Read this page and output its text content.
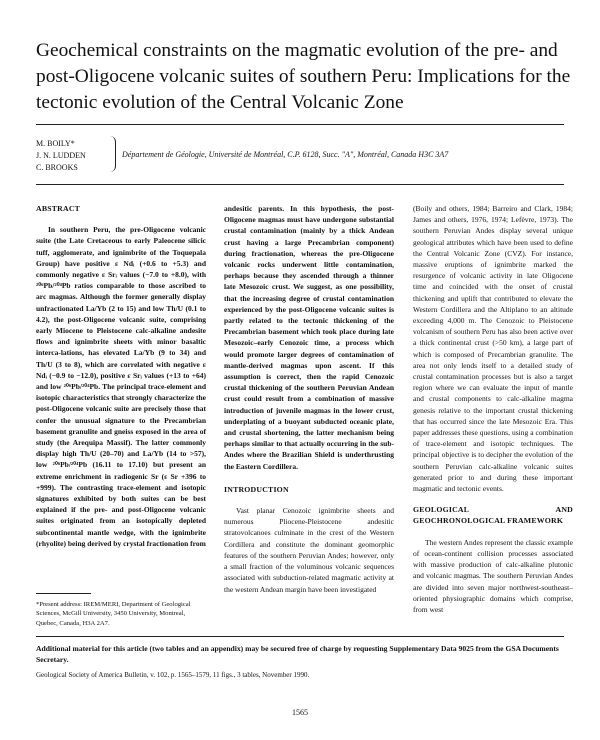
Geochemical constraints on the magmatic evolution of the pre- and post-Oligocene volcanic suites of southern Peru: Implications for the tectonic evolution of the Central Volcanic Zone
M. BOILY*
J. N. LUDDEN
C. BROOKS
Département de Géologie, Université de Montréal, C.P. 6128, Succ. "A", Montréal, Canada H3C 3A7

ABSTRACT

In southern Peru, the pre-Oligocene volcanic suite (the Late Cretaceous to early Paleocene silicic tuff, agglomerate, and ignimbrite of the Toquepala Group) have positive ε Ndᵢ (+0.6 to +5.3) and commonly negative ε Srᵢ values (−7.0 to +8.0), with ²⁰⁶Pb/²⁰⁴Pb ratios comparable to those ascribed to arc magmas. Although the former generally display unfractionated La/Yb (2 to 15) and low Th/U (0.1 to 4.2), the post-Oligocene volcanic suite, comprising early Miocene to Pleistocene calc-alkaline andesite flows and ignimbrite sheets with minor basaltic interca-lations, has elevated La/Yb (9 to 34) and Th/U (3 to 8), which are correlated with negative ε Ndᵢ (−0.9 to −12.0), positive ε Srᵢ values (+13 to +64) and low ²⁰⁶Pb/²⁰⁴Pb. The principal trace-element and isotopic characteristics that strongly characterize the post-Oligocene volcanic suite are precisely those that confer the unusual signature to the Precambrian basement granulite and gneiss exposed in the area of study (the Arequipa Massif). The latter commonly display high Th/U (20–70) and La/Yb (14 to >57), low ²⁰⁶Pb/²⁰⁴Pb (16.11 to 17.10) but present an extreme enrichment in radiogenic Sr (ε Sr +396 to +999). The contrasting trace-element and isotopic signatures exhibited by both suites can be best explained if the pre- and post-Oligocene volcanic suites originated from an isotopically depleted subcontinental mantle wedge, with the ignimbrite (rhyolite) being derived by crystal fractionation from

andesitic parents. In this hypothesis, the post-Oligocene magmas must have undergone substantial crustal contamination (mainly by a thick Andean crust having a large Precambrian component) during fractionation, whereas the pre-Oligocene volcanic rocks underwent little contamination, perhaps because they ascended through a thinner late Mesozoic crust. We suggest, as one possibility, that the increasing degree of crustal contamination experienced by the post-Oligocene volcanic suites is partly related to the tectonic thickening of the Precambrian basement which took place during late Mesozoic–early Cenozoic time, a process which would promote larger degrees of contamination of mantle-derived magmas upon ascent. If this assumption is correct, then the rapid Cenozoic crustal thickening of the southern Peruvian Andean crust could result from a combination of massive introduction of juvenile magmas in the lower crust, underplating of a buoyant subducted oceanic plate, and crustal shortening, the latter mechanism being perhaps similar to that actually occurring in the sub-Andes where the Brazilian Shield is underthrusting the Eastern Cordillera.

INTRODUCTION

Vast planar Cenozoic ignimbrite sheets and numerous Pliocene-Pleistocene andesitic stratovolcanoes culminate in the crest of the Western Cordillera and constitute the dominant geomorphic features of the southern Peruvian Andes; however, only a small fraction of the voluminous volcanic sequences associated with subduction-related magmatic activity at the western Andean margin have been investigated

(Boily and others, 1984; Barreiro and Clark, 1984; James and others, 1976, 1974; Lefèvre, 1973). The southern Peruvian Andes display several unique geological attributes which have been used to define the Central Volcanic Zone (CVZ). For instance, massive eruptions of ignimbrite marked the resurgence of volcanic activity in late Oligocene time and coincided with the onset of crustal thickening and uplift that contributed to elevate the Western Cordillera and the Altiplano to an altitude exceeding 4,000 m. The Cenozoic to Pleistocene volcanism of southern Peru has also been active over a thick continental crust (>50 km), a large part of which is composed of Precambrian granulite. The area not only lends itself to a detailed study of crustal contamination processes but is also a target region where we can evaluate the input of mantle and crustal components to calc-alkaline magma genesis relative to the important crustal thickening that has occurred since the late Mesozoic Era. This paper addresses these questions, using a combination of trace-element and isotopic techniques. The principal objective is to decipher the evolution of the southern Peruvian calc-alkaline volcanic suites generated prior to and during these important magmatic and tectonic events.

GEOLOGICAL AND GEOCHRONOLOGICAL FRAMEWORK

The western Andes represent the classic example of ocean-continent collision processes associated with massive production of calc-alkaline plutonic and volcanic magmas. The southern Peruvian Andes are divided into seven major northwest-southeast–oriented physiographic domains which comprise, from west

*Present address: IREM/MERI, Department of Geological Sciences, McGill University, 3450 University, Montreal, Quebec, Canada, H3A 2A7.
Additional material for this article (two tables and an appendix) may be secured free of charge by requesting Supplementary Data 9025 from the GSA Documents Secretary.
Geological Society of America Bulletin, v. 102, p. 1565–1579, 11 figs., 3 tables, November 1990.
1565
